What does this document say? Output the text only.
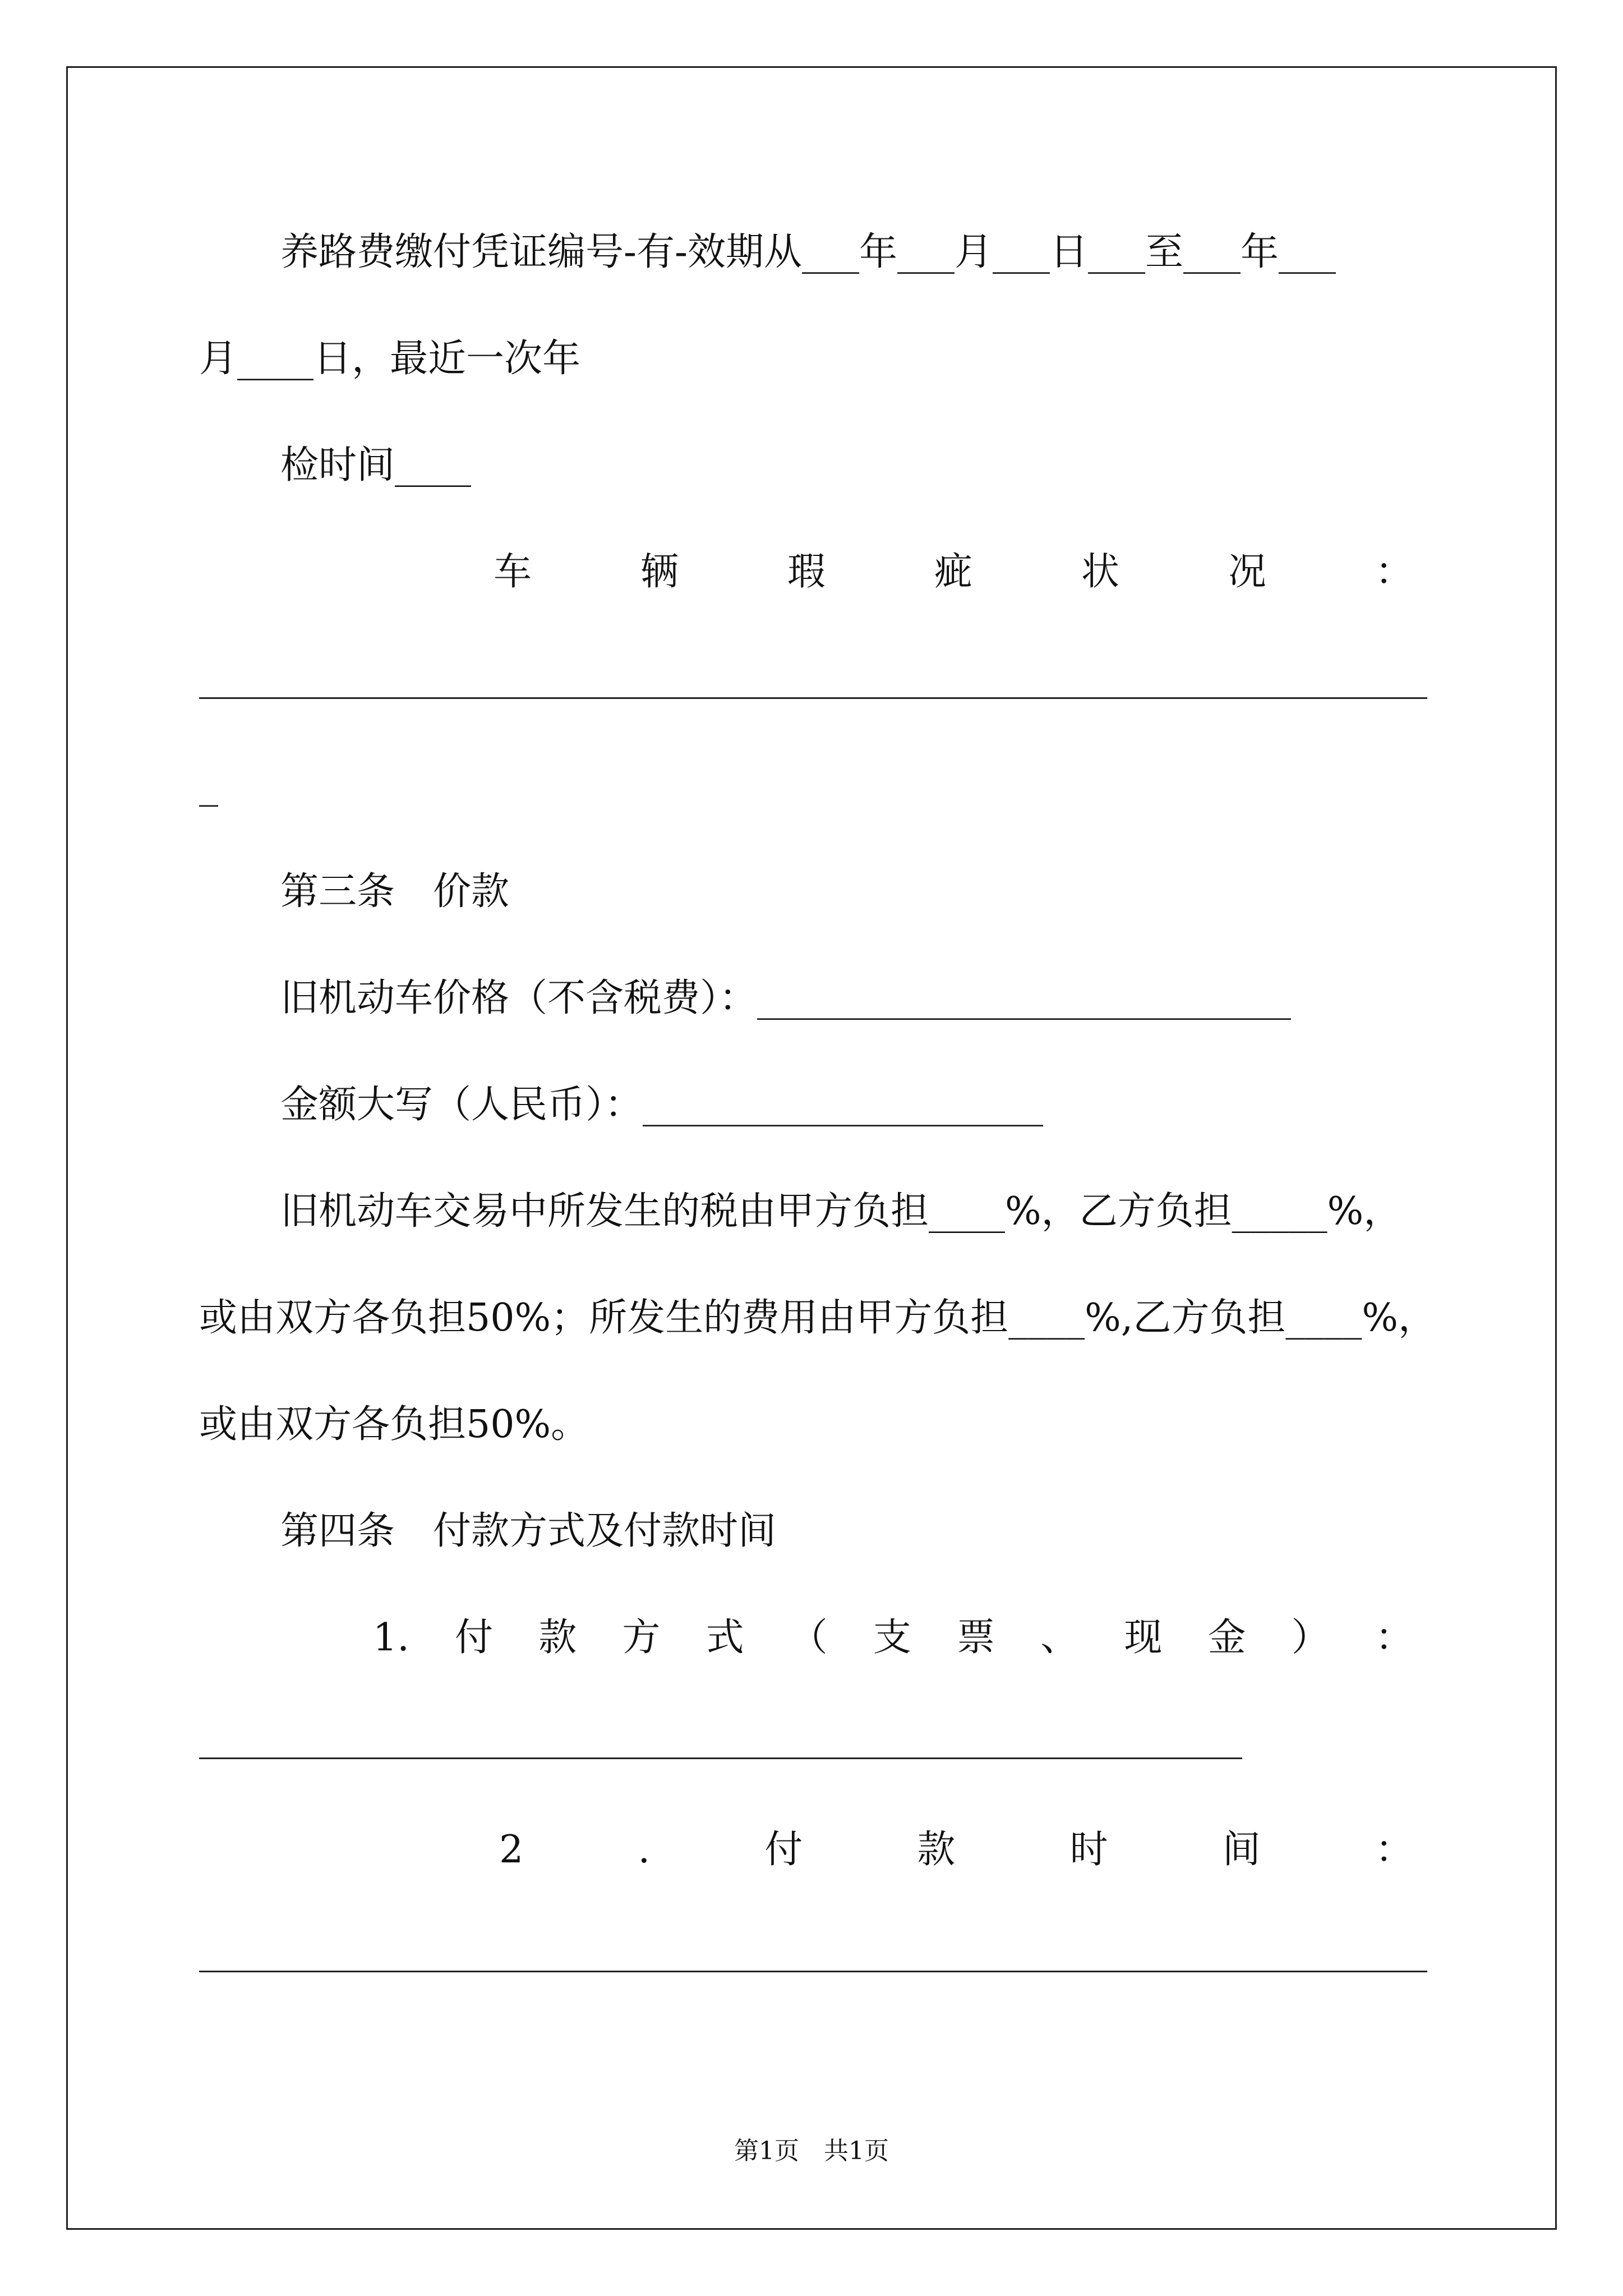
养路费缴付凭证编号-有-效期从___年___月___日___至___年___
月____日，最近一次年
检时间____
车	辆	瑕	疵	状	况	：
_
第三条　价款
旧机动车价格（不含税费）：____________________________
金额大写（人民币）：_____________________
旧机动车交易中所发生的税由甲方负担____%，乙方负担_____%，
或由双方各负担50%；所发生的费用由甲方负担____%,乙方负担____%，
或由双方各负担50%。
第四条　付款方式及付款时间
1. 付 款 方 式 （ 支 票 、 现 金 ） ：
2	.	付	款	时	间	：
第1页　共1页
